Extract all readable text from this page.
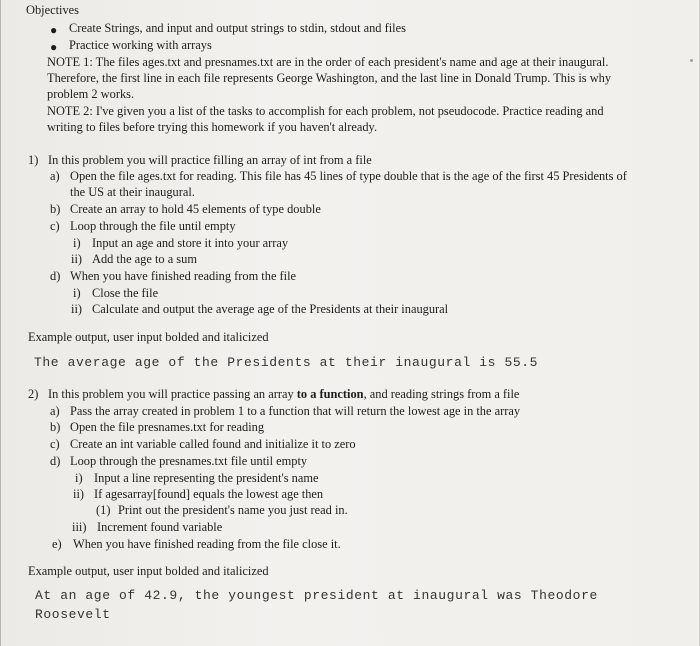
Objectives
● Create Strings, and input and output strings to stdin, stdout and files
● Practice working with arrays
NOTE 1: The files ages.txt and presnames.txt are in the order of each president's name and age at their inaugural.
Therefore, the first line in each file represents George Washington, and the last line in Donald Trump. This is why
problem 2 works.
NOTE 2: I've given you a list of the tasks to accomplish for each problem, not pseudocode. Practice reading and
writing to files before trying this homework if you haven't already.
1) In this problem you will practice filling an array of int from a file
a) Open the file ages.txt for reading. This file has 45 lines of type double that is the age of the first 45 Presidents of
the US at their inaugural.
b) Create an array to hold 45 elements of type double
c) Loop through the file until empty
i) Input an age and store it into your array
ii) Add the age to a sum
d) When you have finished reading from the file
i) Close the file
ii) Calculate and output the average age of the Presidents at their inaugural
Example output, user input bolded and italicized
The average age of the Presidents at their inaugural is 55.5
2) In this problem you will practice passing an array to a function, and reading strings from a file
a) Pass the array created in problem 1 to a function that will return the lowest age in the array
b) Open the file presnames.txt for reading
c) Create an int variable called found and initialize it to zero
d) Loop through the presnames.txt file until empty
i) Input a line representing the president's name
ii) If agesarray[found] equals the lowest age then
(1) Print out the president's name you just read in.
iii) Increment found variable
e) When you have finished reading from the file close it.
Example output, user input bolded and italicized
At an age of 42.9, the youngest president at inaugural was Theodore
Roosevelt
